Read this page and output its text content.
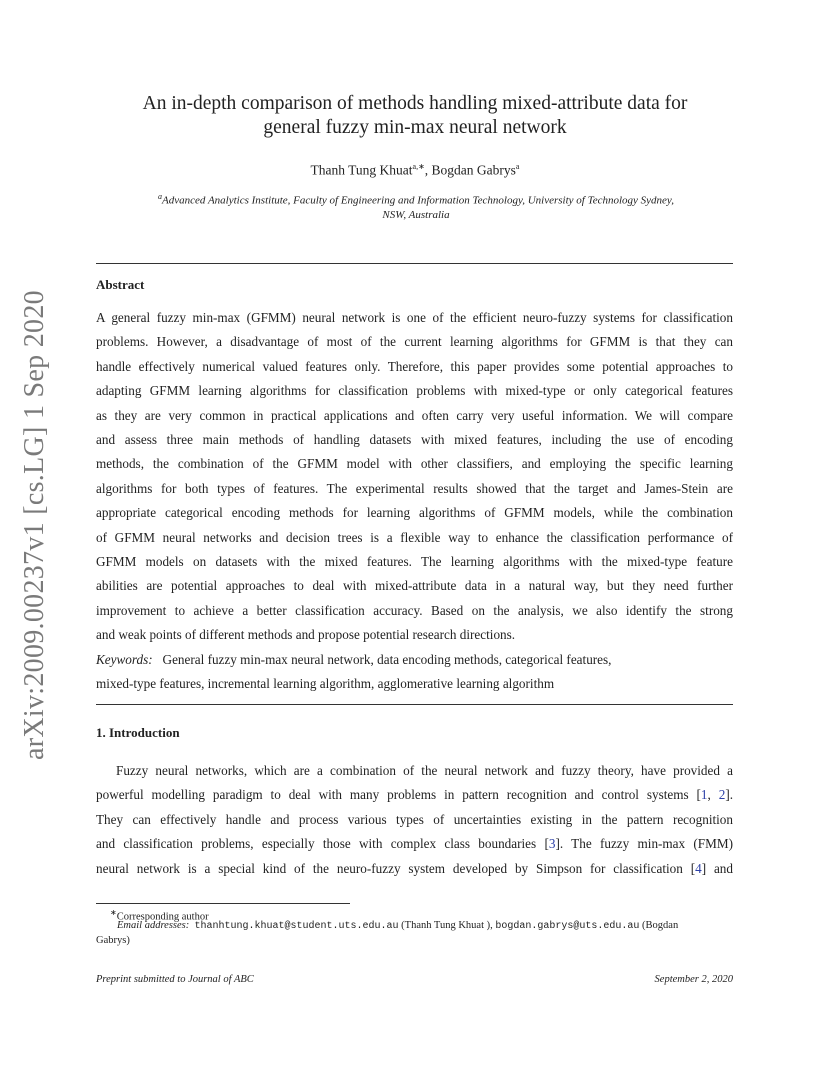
arXiv:2009.00237v1 [cs.LG] 1 Sep 2020
An in-depth comparison of methods handling mixed-attribute data for
general fuzzy min-max neural network
Thanh Tung Khuat$^{a,∗}$, Bogdan Gabrys$^a$
$^a$Advanced Analytics Institute, Faculty of Engineering and Information Technology, University of Technology Sydney,
NSW, Australia
Abstract
A general fuzzy min-max (GFMM) neural network is one of the efficient neuro-fuzzy systems for classification
problems. However, a disadvantage of most of the current learning algorithms for GFMM is that they can
handle effectively numerical valued features only. Therefore, this paper provides some potential approaches to
adapting GFMM learning algorithms for classification problems with mixed-type or only categorical features
as they are very common in practical applications and often carry very useful information. We will compare
and assess three main methods of handling datasets with mixed features, including the use of encoding
methods, the combination of the GFMM model with other classifiers, and employing the specific learning
algorithms for both types of features. The experimental results showed that the target and James-Stein are
appropriate categorical encoding methods for learning algorithms of GFMM models, while the combination
of GFMM neural networks and decision trees is a flexible way to enhance the classification performance of
GFMM models on datasets with the mixed features. The learning algorithms with the mixed-type feature
abilities are potential approaches to deal with mixed-attribute data in a natural way, but they need further
improvement to achieve a better classification accuracy. Based on the analysis, we also identify the strong
and weak points of different methods and propose potential research directions.
Keywords: General fuzzy min-max neural network, data encoding methods, categorical features,
mixed-type features, incremental learning algorithm, agglomerative learning algorithm
1. Introduction
Fuzzy neural networks, which are a combination of the neural network and fuzzy theory, have provided a
powerful modelling paradigm to deal with many problems in pattern recognition and control systems [1, 2].
They can effectively handle and process various types of uncertainties existing in the pattern recognition
and classification problems, especially those with complex class boundaries [3]. The fuzzy min-max (FMM)
neural network is a special kind of the neuro-fuzzy system developed by Simpson for classification [4] and
∗Corresponding author
Email addresses: thanhtung.khuat@student.uts.edu.au (Thanh Tung Khuat ), bogdan.gabrys@uts.edu.au (Bogdan
Gabrys)
Preprint submitted to Journal of ABC	September 2, 2020
